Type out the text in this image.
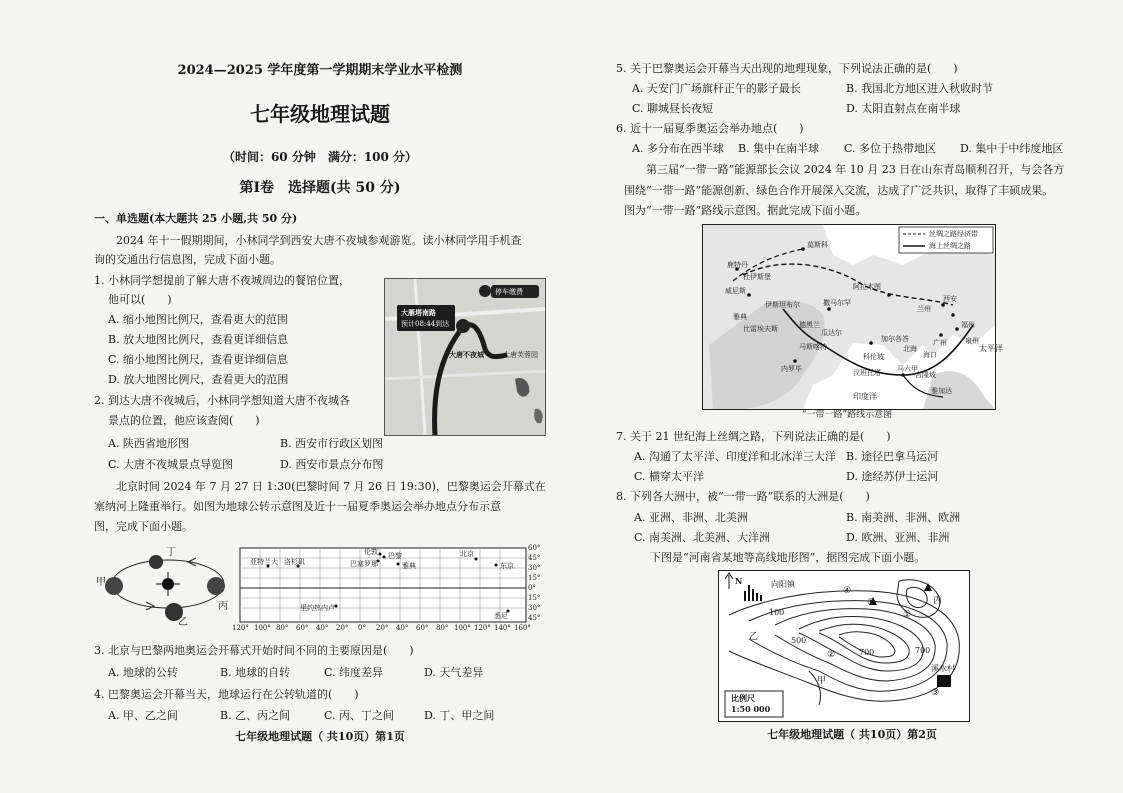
2024—2025 学年度第一学期期末学业水平检测
七年级地理试题
（时间：60 分钟　满分：100 分）
第Ⅰ卷　选择题(共 50 分)
一、单选题(本大题共 25 小题,共 50 分)
2024 年十一假期期间，小林同学到西安大唐不夜城参观游览。读小林同学用手机查
询的交通出行信息图，完成下面小题。
1. 小林同学想提前了解大唐不夜城周边的餐馆位置，
他可以(　　)
A. 缩小地图比例尺，查看更大的范围
B. 放大地图比例尺，查看更详细信息
C. 缩小地图比例尺，查看更详细信息
D. 放大地图比例尺，查看更大的范围
2. 到达大唐不夜城后，小林同学想知道大唐不夜城各
景点的位置，他应该查阅(　　)
A. 陕西省地形图	B. 西安市行政区划图
C. 大唐不夜城景点导览图	D. 西安市景点分布图
停车缴费
大雁塔南路
预计08:44到达
大唐不夜城	大唐芙蓉园
北京时间 2024 年 7 月 27 日 1:30(巴黎时间 7 月 26 日 19:30)，巴黎奥运会开幕式在
塞纳河上隆重举行。如图为地球公转示意图及近十一届夏季奥运会举办地点分布示意
图，完成下面小题。
丁
甲
乙
丙
亚特兰大 洛杉矶
伦敦 巴黎
巴塞罗那	雅典
北京
东京
里约热内卢
悉尼
60°
45°
30°
15°
0°
15°
30°
45°
120° 100° 80° 60° 40° 20° 0° 20° 40° 60° 80° 100° 120° 140° 160°
3. 北京与巴黎两地奥运会开幕式开始时间不同的主要原因是(　　)
A. 地球的公转	B. 地球的自转	C. 纬度差异	D. 天气差异
4. 巴黎奥运会开幕当天，地球运行在公转轨道的(　　)
A. 甲、乙之间	B. 乙、丙之间	C. 丙、丁之间	D. 丁、甲之间
七年级地理试题（ 共10页）第1页
5. 关于巴黎奥运会开幕当天出现的地理现象，下列说法正确的是(　　)
A. 天安门广场旗杆正午的影子最长	B. 我国北方地区进入秋收时节
C. 聊城昼长夜短	D. 太阳直射点在南半球
6. 近十一届夏季奥运会举办地点(　　)
A. 多分布在西半球 B. 集中在南半球 C. 多位于热带地区 D. 集中于中纬度地区
第三届“一带一路”能源部长会议 2024 年 10 月 23 日在山东青岛顺利召开，与会各方
围绕“一带一路”能源创新、绿色合作开展深入交流，达成了广泛共识，取得了丰硕成果。
图为“一带一路”路线示意图。据此完成下面小题。
丝绸之路经济带
海上丝绸之路
莫斯科
鹿特丹
威尼斯
雅典
阿拉木图
撒马尔罕
伊斯坦布尔
德黑兰
兰州
西安
福州
广州	泉州
海口
北海
瓜达尔
加尔各答
科伦坡
马六甲
吉隆坡
雅加达
内罗毕
马斯喀特
比雷埃夫斯
杜伊斯堡
汉班托塔
太平洋
印度洋
“一带一路”路线示意图
7. 关于 21 世纪海上丝绸之路，下列说法正确的是(　　)
A. 沟通了太平洋、印度洋和北冰洋三大洋 B. 途径巴拿马运河
C. 横穿太平洋	D. 途经苏伊士运河
8. 下列各大洲中，被“一带一路”联系的大洲是(　　)
A. 亚洲、非洲、北美洲	B. 南美洲、非洲、欧洲
C. 南美洲、北美洲、大洋洲	D. 欧洲、亚洲、非洲
下图是“河南省某地等高线地形图”，据图完成下面小题。
N	向阳镇
100
500
700	700
乙
丙
甲
①
②
③
④
⑤
溪水村
比例尺
1:50 000
七年级地理试题（ 共10页）第2页
